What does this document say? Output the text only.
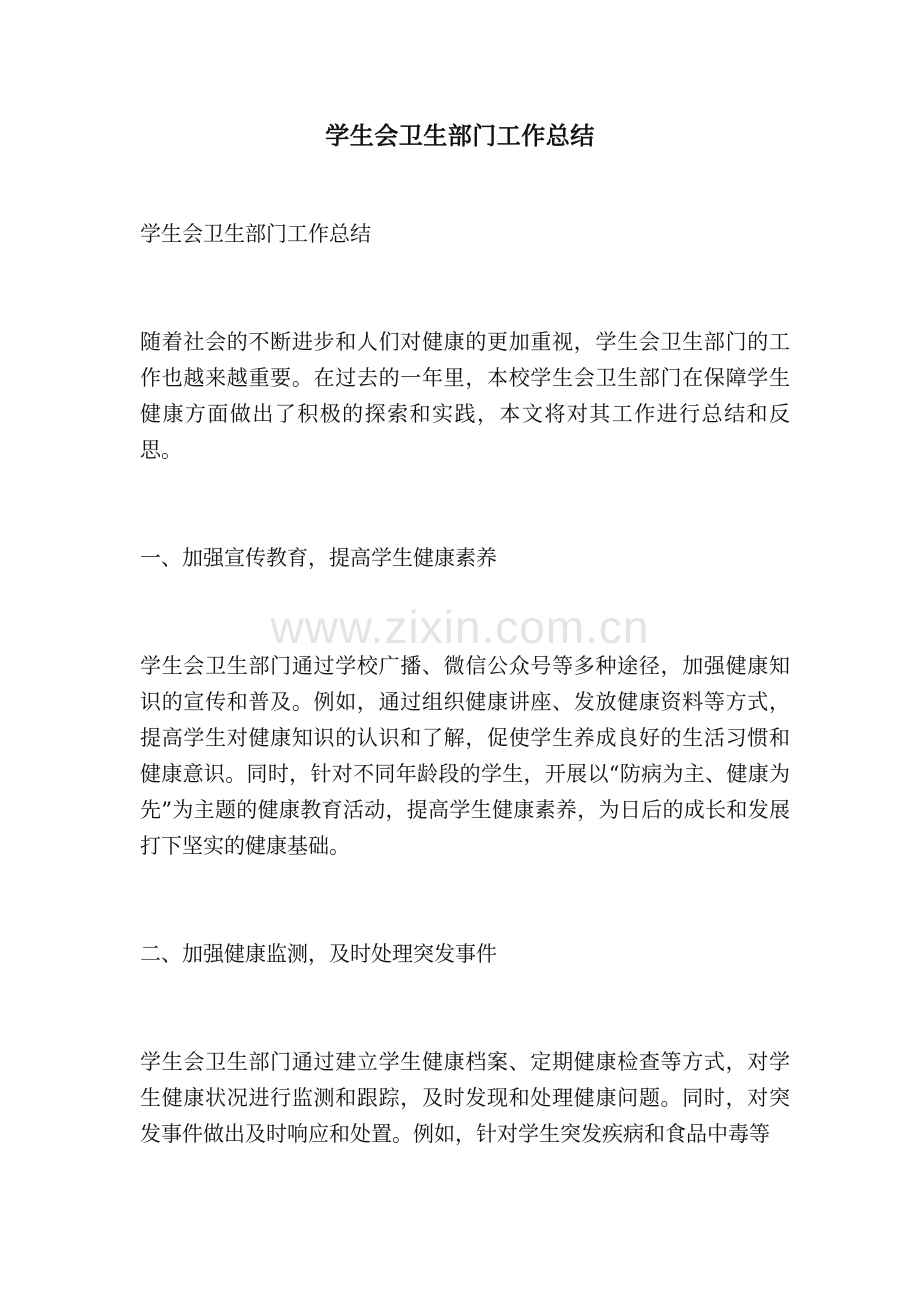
学生会卫生部门工作总结

学生会卫生部门工作总结

随着社会的不断进步和人们对健康的更加重视，学生会卫生部门的工作也越来越重要。在过去的一年里，本校学生会卫生部门在保障学生健康方面做出了积极的探索和实践，本文将对其工作进行总结和反思。

一、加强宣传教育，提高学生健康素养

学生会卫生部门通过学校广播、微信公众号等多种途径，加强健康知识的宣传和普及。例如，通过组织健康讲座、发放健康资料等方式，提高学生对健康知识的认识和了解，促使学生养成良好的生活习惯和健康意识。同时，针对不同年龄段的学生，开展以“防病为主、健康为先”为主题的健康教育活动，提高学生健康素养，为日后的成长和发展打下坚实的健康基础。

二、加强健康监测，及时处理突发事件

学生会卫生部门通过建立学生健康档案、定期健康检查等方式，对学生健康状况进行监测和跟踪，及时发现和处理健康问题。同时，对突发事件做出及时响应和处置。例如，针对学生突发疾病和食品中毒等

www.zixin.com.cn
